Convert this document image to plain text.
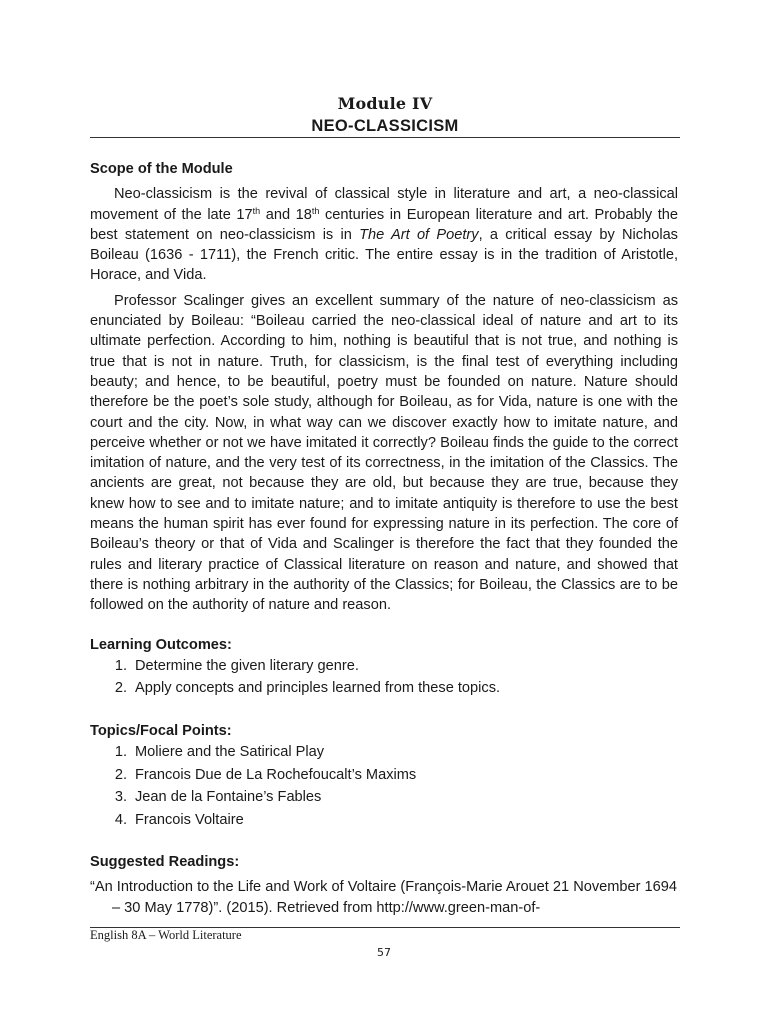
Module IV
NEO-CLASSICISM

Scope of the Module

Neo-classicism is the revival of classical style in literature and art, a neo-classical movement of the late 17th and 18th centuries in European literature and art. Probably the best statement on neo-classicism is in The Art of Poetry, a critical essay by Nicholas Boileau (1636 - 1711), the French critic. The entire essay is in the tradition of Aristotle, Horace, and Vida.

Professor Scalinger gives an excellent summary of the nature of neo-classicism as enunciated by Boileau: “Boileau carried the neo-classical ideal of nature and art to its ultimate perfection. According to him, nothing is beautiful that is not true, and nothing is true that is not in nature. Truth, for classicism, is the final test of everything including beauty; and hence, to be beautiful, poetry must be founded on nature. Nature should therefore be the poet’s sole study, although for Boileau, as for Vida, nature is one with the court and the city. Now, in what way can we discover exactly how to imitate nature, and perceive whether or not we have imitated it correctly? Boileau finds the guide to the correct imitation of nature, and the very test of its correctness, in the imitation of the Classics. The ancients are great, not because they are old, but because they are true, because they knew how to see and to imitate nature; and to imitate antiquity is therefore to use the best means the human spirit has ever found for expressing nature in its perfection. The core of Boileau’s theory or that of Vida and Scalinger is therefore the fact that they founded the rules and literary practice of Classical literature on reason and nature, and showed that there is nothing arbitrary in the authority of the Classics; for Boileau, the Classics are to be followed on the authority of nature and reason.

Learning Outcomes:

1. Determine the given literary genre.
2. Apply concepts and principles learned from these topics.

Topics/Focal Points:

1. Moliere and the Satirical Play
2. Francois Due de La Rochefoucalt’s Maxims
3. Jean de la Fontaine’s Fables
4. Francois Voltaire

Suggested Readings:

“An Introduction to the Life and Work of Voltaire (François-Marie Arouet 21 November 1694 – 30 May 1778)”. (2015). Retrieved from http://www.green-man-of-

English 8A – World Literature
57
